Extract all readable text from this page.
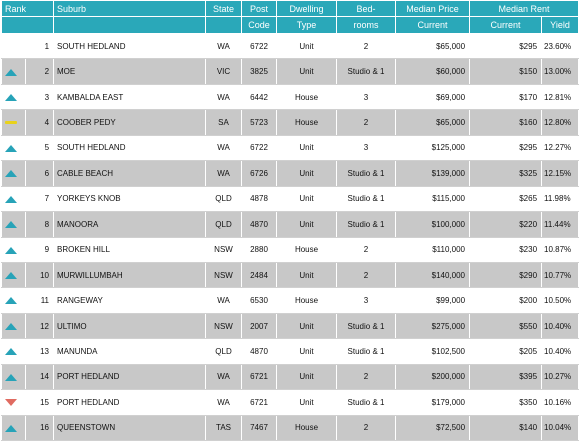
Rank		Suburb	State	Post	Dwelling	Bed-	Median Price	Median Rent	
				Code	Type	rooms	Current	Current	Yield
	1	SOUTH HEDLAND	WA	6722	Unit	2	$65,000	$295	23.60%
	2	MOE	VIC	3825	Unit	Studio & 1	$60,000	$150	13.00%
	3	KAMBALDA EAST	WA	6442	House	3	$69,000	$170	12.81%
	4	COOBER PEDY	SA	5723	House	2	$65,000	$160	12.80%
	5	SOUTH HEDLAND	WA	6722	Unit	3	$125,000	$295	12.27%
	6	CABLE BEACH	WA	6726	Unit	Studio & 1	$139,000	$325	12.15%
	7	YORKEYS KNOB	QLD	4878	Unit	Studio & 1	$115,000	$265	11.98%
	8	MANOORA	QLD	4870	Unit	Studio & 1	$100,000	$220	11.44%
	9	BROKEN HILL	NSW	2880	House	2	$110,000	$230	10.87%
	10	MURWILLUMBAH	NSW	2484	Unit	2	$140,000	$290	10.77%
	11	RANGEWAY	WA	6530	House	3	$99,000	$200	10.50%
	12	ULTIMO	NSW	2007	Unit	Studio & 1	$275,000	$550	10.40%
	13	MANUNDA	QLD	4870	Unit	Studio & 1	$102,500	$205	10.40%
	14	PORT HEDLAND	WA	6721	Unit	2	$200,000	$395	10.27%
	15	PORT HEDLAND	WA	6721	Unit	Studio & 1	$179,000	$350	10.16%
	16	QUEENSTOWN	TAS	7467	House	2	$72,500	$140	10.04%
